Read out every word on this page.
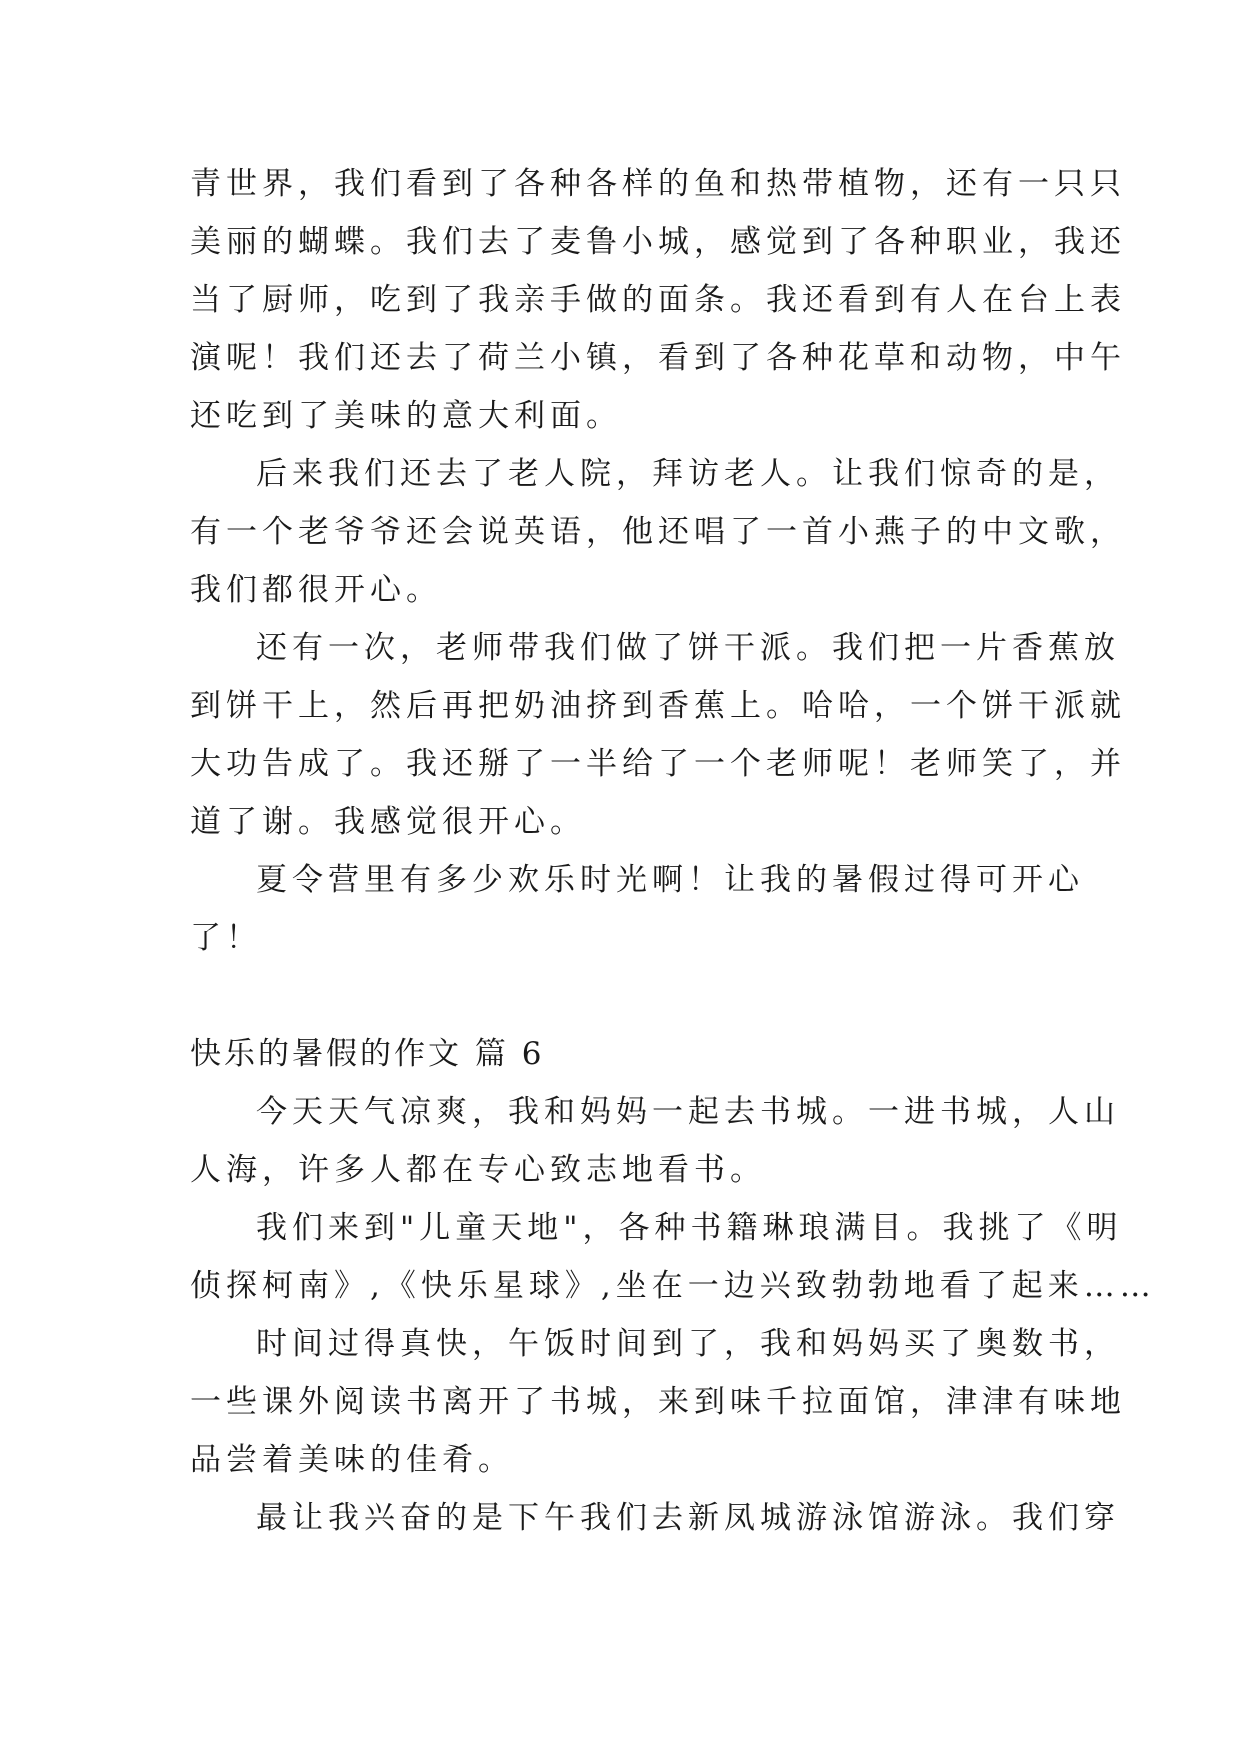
青世界，我们看到了各种各样的鱼和热带植物，还有一只只
美丽的蝴蝶。我们去了麦鲁小城，感觉到了各种职业，我还
当了厨师，吃到了我亲手做的面条。我还看到有人在台上表
演呢！我们还去了荷兰小镇，看到了各种花草和动物，中午
还吃到了美味的意大利面。
后来我们还去了老人院，拜访老人。让我们惊奇的是，
有一个老爷爷还会说英语，他还唱了一首小燕子的中文歌，
我们都很开心。
还有一次，老师带我们做了饼干派。我们把一片香蕉放
到饼干上，然后再把奶油挤到香蕉上。哈哈，一个饼干派就
大功告成了。我还掰了一半给了一个老师呢！老师笑了，并
道了谢。我感觉很开心。
夏令营里有多少欢乐时光啊！让我的暑假过得可开心
了！
快乐的暑假的作文 篇 6
今天天气凉爽，我和妈妈一起去书城。一进书城，人山
人海，许多人都在专心致志地看书。
我们来到"儿童天地"，各种书籍琳琅满目。我挑了《明
侦探柯南》,《快乐星球》,坐在一边兴致勃勃地看了起来……
时间过得真快，午饭时间到了，我和妈妈买了奥数书，
一些课外阅读书离开了书城，来到味千拉面馆，津津有味地
品尝着美味的佳肴。
最让我兴奋的是下午我们去新凤城游泳馆游泳。我们穿
